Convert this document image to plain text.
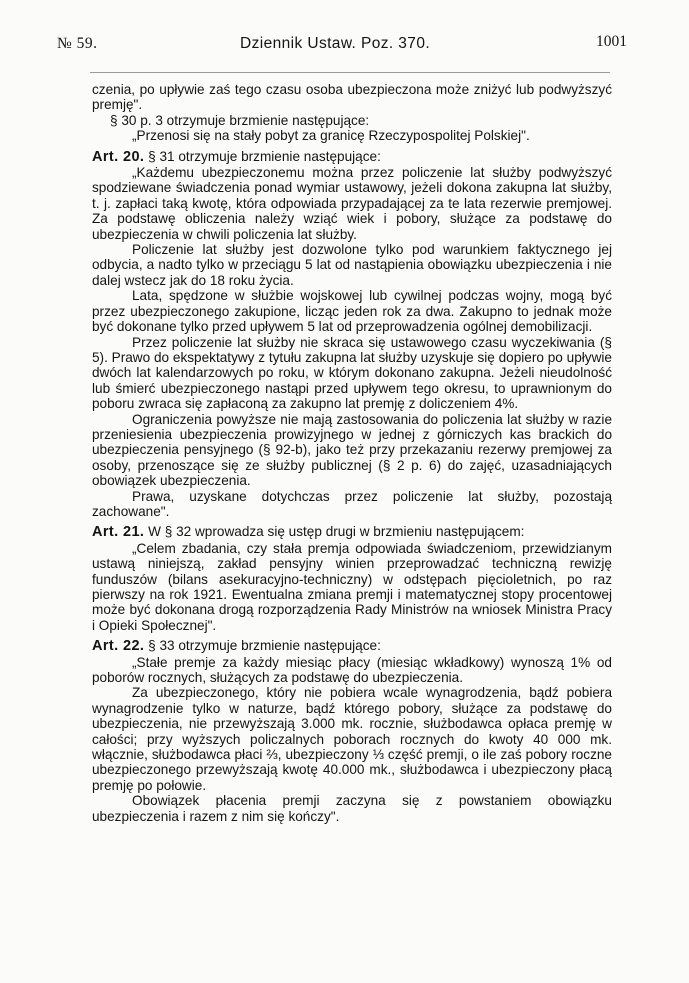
№ 59.	Dziennik Ustaw. Poz. 370.	1001

czenia, po upływie zaś tego czasu osoba ubezpieczona może zniżyć lub podwyższyć premję".

§ 30 p. 3 otrzymuje brzmienie następujące:

„Przenosi się na stały pobyt za granicę Rzeczypospolitej Polskiej".

Art. 20. § 31 otrzymuje brzmienie następujące:

„Każdemu ubezpieczonemu można przez policzenie lat służby podwyższyć spodziewane świadczenia ponad wymiar ustawowy, jeżeli dokona zakupna lat służby, t. j. zapłaci taką kwotę, która odpowiada przypadającej za te lata rezerwie premjowej. Za podstawę obliczenia należy wziąć wiek i pobory, służące za podstawę do ubezpieczenia w chwili policzenia lat służby.

Policzenie lat służby jest dozwolone tylko pod warunkiem faktycznego jej odbycia, a nadto tylko w przeciągu 5 lat od nastąpienia obowiązku ubezpieczenia i nie dalej wstecz jak do 18 roku życia.

Lata, spędzone w służbie wojskowej lub cywilnej podczas wojny, mogą być przez ubezpieczonego zakupione, licząc jeden rok za dwa. Zakupno to jednak może być dokonane tylko przed upływem 5 lat od przeprowadzenia ogólnej demobilizacji.

Przez policzenie lat służby nie skraca się ustawowego czasu wyczekiwania (§ 5). Prawo do ekspektatywy z tytułu zakupna lat służby uzyskuje się dopiero po upływie dwóch lat kalendarzowych po roku, w którym dokonano zakupna. Jeżeli nieudolność lub śmierć ubezpieczonego nastąpi przed upływem tego okresu, to uprawnionym do poboru zwraca się zapłaconą za zakupno lat premję z doliczeniem 4%.

Ograniczenia powyższe nie mają zastosowania do policzenia lat służby w razie przeniesienia ubezpieczenia prowizyjnego w jednej z górniczych kas brackich do ubezpieczenia pensyjnego (§ 92-b), jako też przy przekazaniu rezerwy premjowej za osoby, przenoszące się ze służby publicznej (§ 2 p. 6) do zajęć, uzasadniających obowiązek ubezpieczenia.

Prawa, uzyskane dotychczas przez policzenie lat służby, pozostają zachowane".

Art. 21. W § 32 wprowadza się ustęp drugi w brzmieniu następującem:

„Celem zbadania, czy stała premja odpowiada świadczeniom, przewidzianym ustawą niniejszą, zakład pensyjny winien przeprowadzać techniczną rewizję funduszów (bilans asekuracyjno-techniczny) w odstępach pięcioletnich, po raz pierwszy na rok 1921. Ewentualna zmiana premji i matematycznej stopy procentowej może być dokonana drogą rozporządzenia Rady Ministrów na wniosek Ministra Pracy i Opieki Społecznej".

Art. 22. § 33 otrzymuje brzmienie następujące:

„Stałe premje za każdy miesiąc płacy (miesiąc wkładkowy) wynoszą 1% od poborów rocznych, służących za podstawę do ubezpieczenia.

Za ubezpieczonego, który nie pobiera wcale wynagrodzenia, bądź pobiera wynagrodzenie tylko w naturze, bądź którego pobory, służące za podstawę do ubezpieczenia, nie przewyższają 3.000 mk. rocznie, służbodawca opłaca premję w całości; przy wyższych policzalnych poborach rocznych do kwoty 40 000 mk. włącznie, służbodawca płaci ⅔, ubezpieczony ⅓ część premji, o ile zaś pobory roczne ubezpieczonego przewyższają kwotę 40.000 mk., służbodawca i ubezpieczony płacą premję po połowie.

Obowiązek płacenia premji zaczyna się z powstaniem obowiązku ubezpieczenia i razem z nim się kończy".
